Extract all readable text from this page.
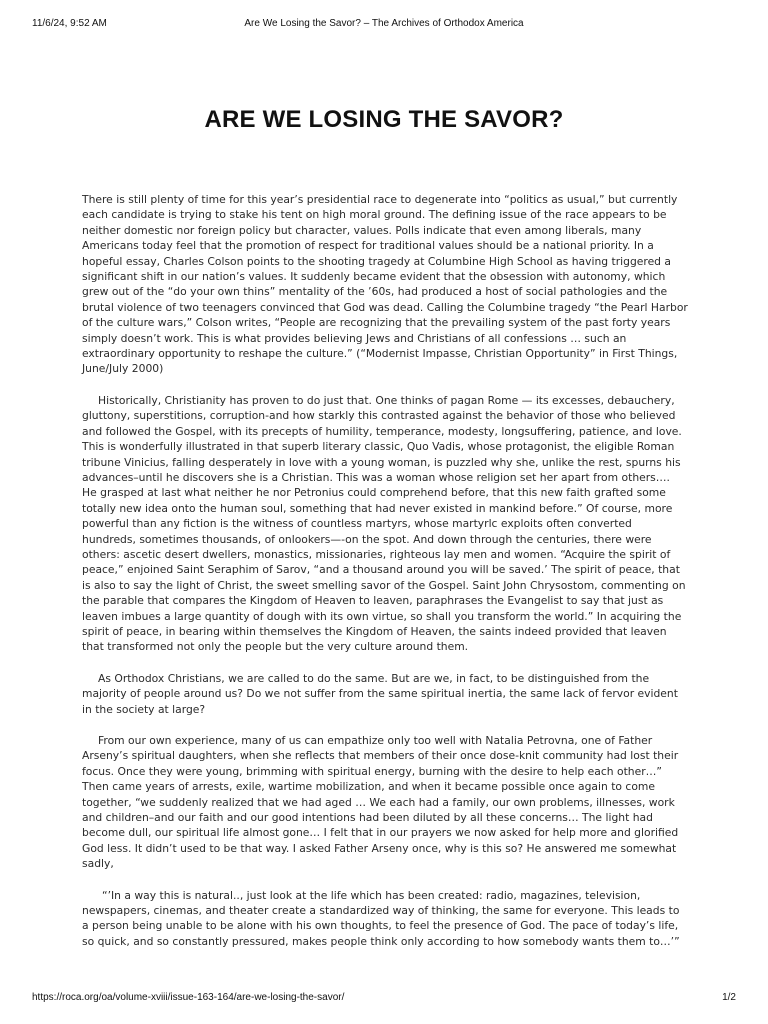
11/6/24, 9:52 AM	Are We Losing the Savor? – The Archives of Orthodox America
ARE WE LOSING THE SAVOR?

There is still plenty of time for this year’s presidential race to degenerate into “politics as usual,” but currently each candidate is trying to stake his tent on high moral ground. The defining issue of the race appears to be neither domestic nor foreign policy but character, values. Polls indicate that even among liberals, many Americans today feel that the promotion of respect for traditional values should be a national priority. In a hopeful essay, Charles Colson points to the shooting tragedy at Columbine High School as having triggered a significant shift in our nation’s values. It suddenly became evident that the obsession with autonomy, which grew out of the “do your own thins” mentality of the ’60s, had produced a host of social pathologies and the brutal violence of two teenagers convinced that God was dead. Calling the Columbine tragedy “the Pearl Harbor of the culture wars,” Colson writes, “People are recognizing that the prevailing system of the past forty years simply doesn’t work. This is what provides believing Jews and Christians of all confessions … such an extraordinary opportunity to reshape the culture.” (“Modernist Impasse, Christian Opportunity” in First Things, June/July 2000)

Historically, Christianity has proven to do just that. One thinks of pagan Rome — its excesses, debauchery, gluttony, superstitions, corruption-and how starkly this contrasted against the behavior of those who believed and followed the Gospel, with its precepts of humility, temperance, modesty, longsuffering, patience, and love. This is wonderfully illustrated in that superb literary classic, Quo Vadis, whose protagonist, the eligible Roman tribune Vinicius, falling desperately in love with a young woman, is puzzled why she, unlike the rest, spurns his advances–until he discovers she is a Christian. This was a woman whose religion set her apart from others…. He grasped at last what neither he nor Petronius could comprehend before, that this new faith grafted some totally new idea onto the human soul, something that had never existed in mankind before.” Of course, more powerful than any fiction is the witness of countless martyrs, whose martyrlc exploits often converted hundreds, sometimes thousands, of onlookers—-on the spot. And down through the centuries, there were others: ascetic desert dwellers, monastics, missionaries, righteous lay men and women. “Acquire the spirit of peace,” enjoined Saint Seraphim of Sarov, “and a thousand around you will be saved.’ The spirit of peace, that is also to say the light of Christ, the sweet smelling savor of the Gospel. Saint John Chrysostom, commenting on the parable that compares the Kingdom of Heaven to leaven, paraphrases the Evangelist to say that just as leaven imbues a large quantity of dough with its own virtue, so shall you transform the world.” In acquiring the spirit of peace, in bearing within themselves the Kingdom of Heaven, the saints indeed provided that leaven that transformed not only the people but the very culture around them.

As Orthodox Christians, we are called to do the same. But are we, in fact, to be distinguished from the majority of people around us? Do we not suffer from the same spiritual inertia, the same lack of fervor evident in the society at large?

From our own experience, many of us can empathize only too well with Natalia Petrovna, one of Father Arseny’s spiritual daughters, when she reflects that members of their once dose-knit community had lost their focus. Once they were young, brimming with spiritual energy, burning with the desire to help each other…” Then came years of arrests, exile, wartime mobilization, and when it became possible once again to come together, “we suddenly realized that we had aged … We each had a family, our own problems, illnesses, work and children–and our faith and our good intentions had been diluted by all these concerns… The light had become dull, our spiritual life almost gone… I felt that in our prayers we now asked for help more and glorified God less. It didn’t used to be that way. I asked Father Arseny once, why is this so? He answered me somewhat sadly,

“’In a way this is natural.., just look at the life which has been created: radio, magazines, television, newspapers, cinemas, and theater create a standardized way of thinking, the same for everyone. This leads to a person being unable to be alone with his own thoughts, to feel the presence of God. The pace of today’s life, so quick, and so constantly pressured, makes people think only according to how somebody wants them to…’”

https://roca.org/oa/volume-xviii/issue-163-164/are-we-losing-the-savor/	1/2
